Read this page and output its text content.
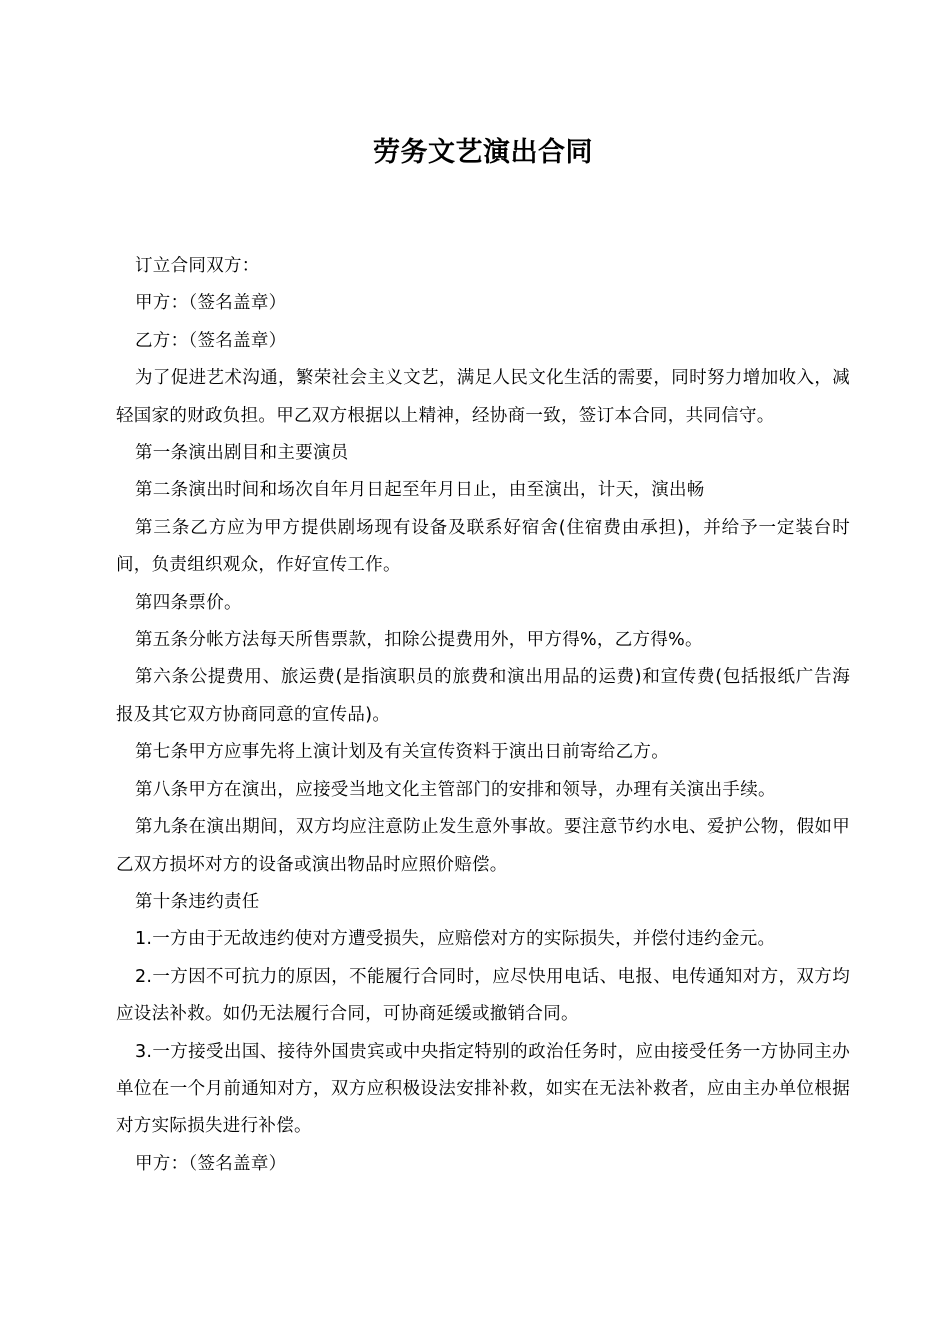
劳务文艺演出合同

订立合同双方：

甲方：（签名盖章）

乙方：（签名盖章）

为了促进艺术沟通，繁荣社会主义文艺，满足人民文化生活的需要，同时努力增加收入，减轻国家的财政负担。甲乙双方根据以上精神，经协商一致，签订本合同，共同信守。

第一条演出剧目和主要演员

第二条演出时间和场次自年月日起至年月日止，由至演出，计天，演出畅

第三条乙方应为甲方提供剧场现有设备及联系好宿舍(住宿费由承担)，并给予一定装台时间，负责组织观众，作好宣传工作。

第四条票价。

第五条分帐方法每天所售票款，扣除公提费用外，甲方得%，乙方得%。

第六条公提费用、旅运费(是指演职员的旅费和演出用品的运费)和宣传费(包括报纸广告海报及其它双方协商同意的宣传品)。

第七条甲方应事先将上演计划及有关宣传资料于演出日前寄给乙方。

第八条甲方在演出，应接受当地文化主管部门的安排和领导，办理有关演出手续。

第九条在演出期间，双方均应注意防止发生意外事故。要注意节约水电、爱护公物，假如甲乙双方损坏对方的设备或演出物品时应照价赔偿。

第十条违约责任

1.一方由于无故违约使对方遭受损失，应赔偿对方的实际损失，并偿付违约金元。

2.一方因不可抗力的原因，不能履行合同时，应尽快用电话、电报、电传通知对方，双方均应设法补救。如仍无法履行合同，可协商延缓或撤销合同。

3.一方接受出国、接待外国贵宾或中央指定特别的政治任务时，应由接受任务一方协同主办单位在一个月前通知对方，双方应积极设法安排补救，如实在无法补救者，应由主办单位根据对方实际损失进行补偿。

甲方：（签名盖章）
